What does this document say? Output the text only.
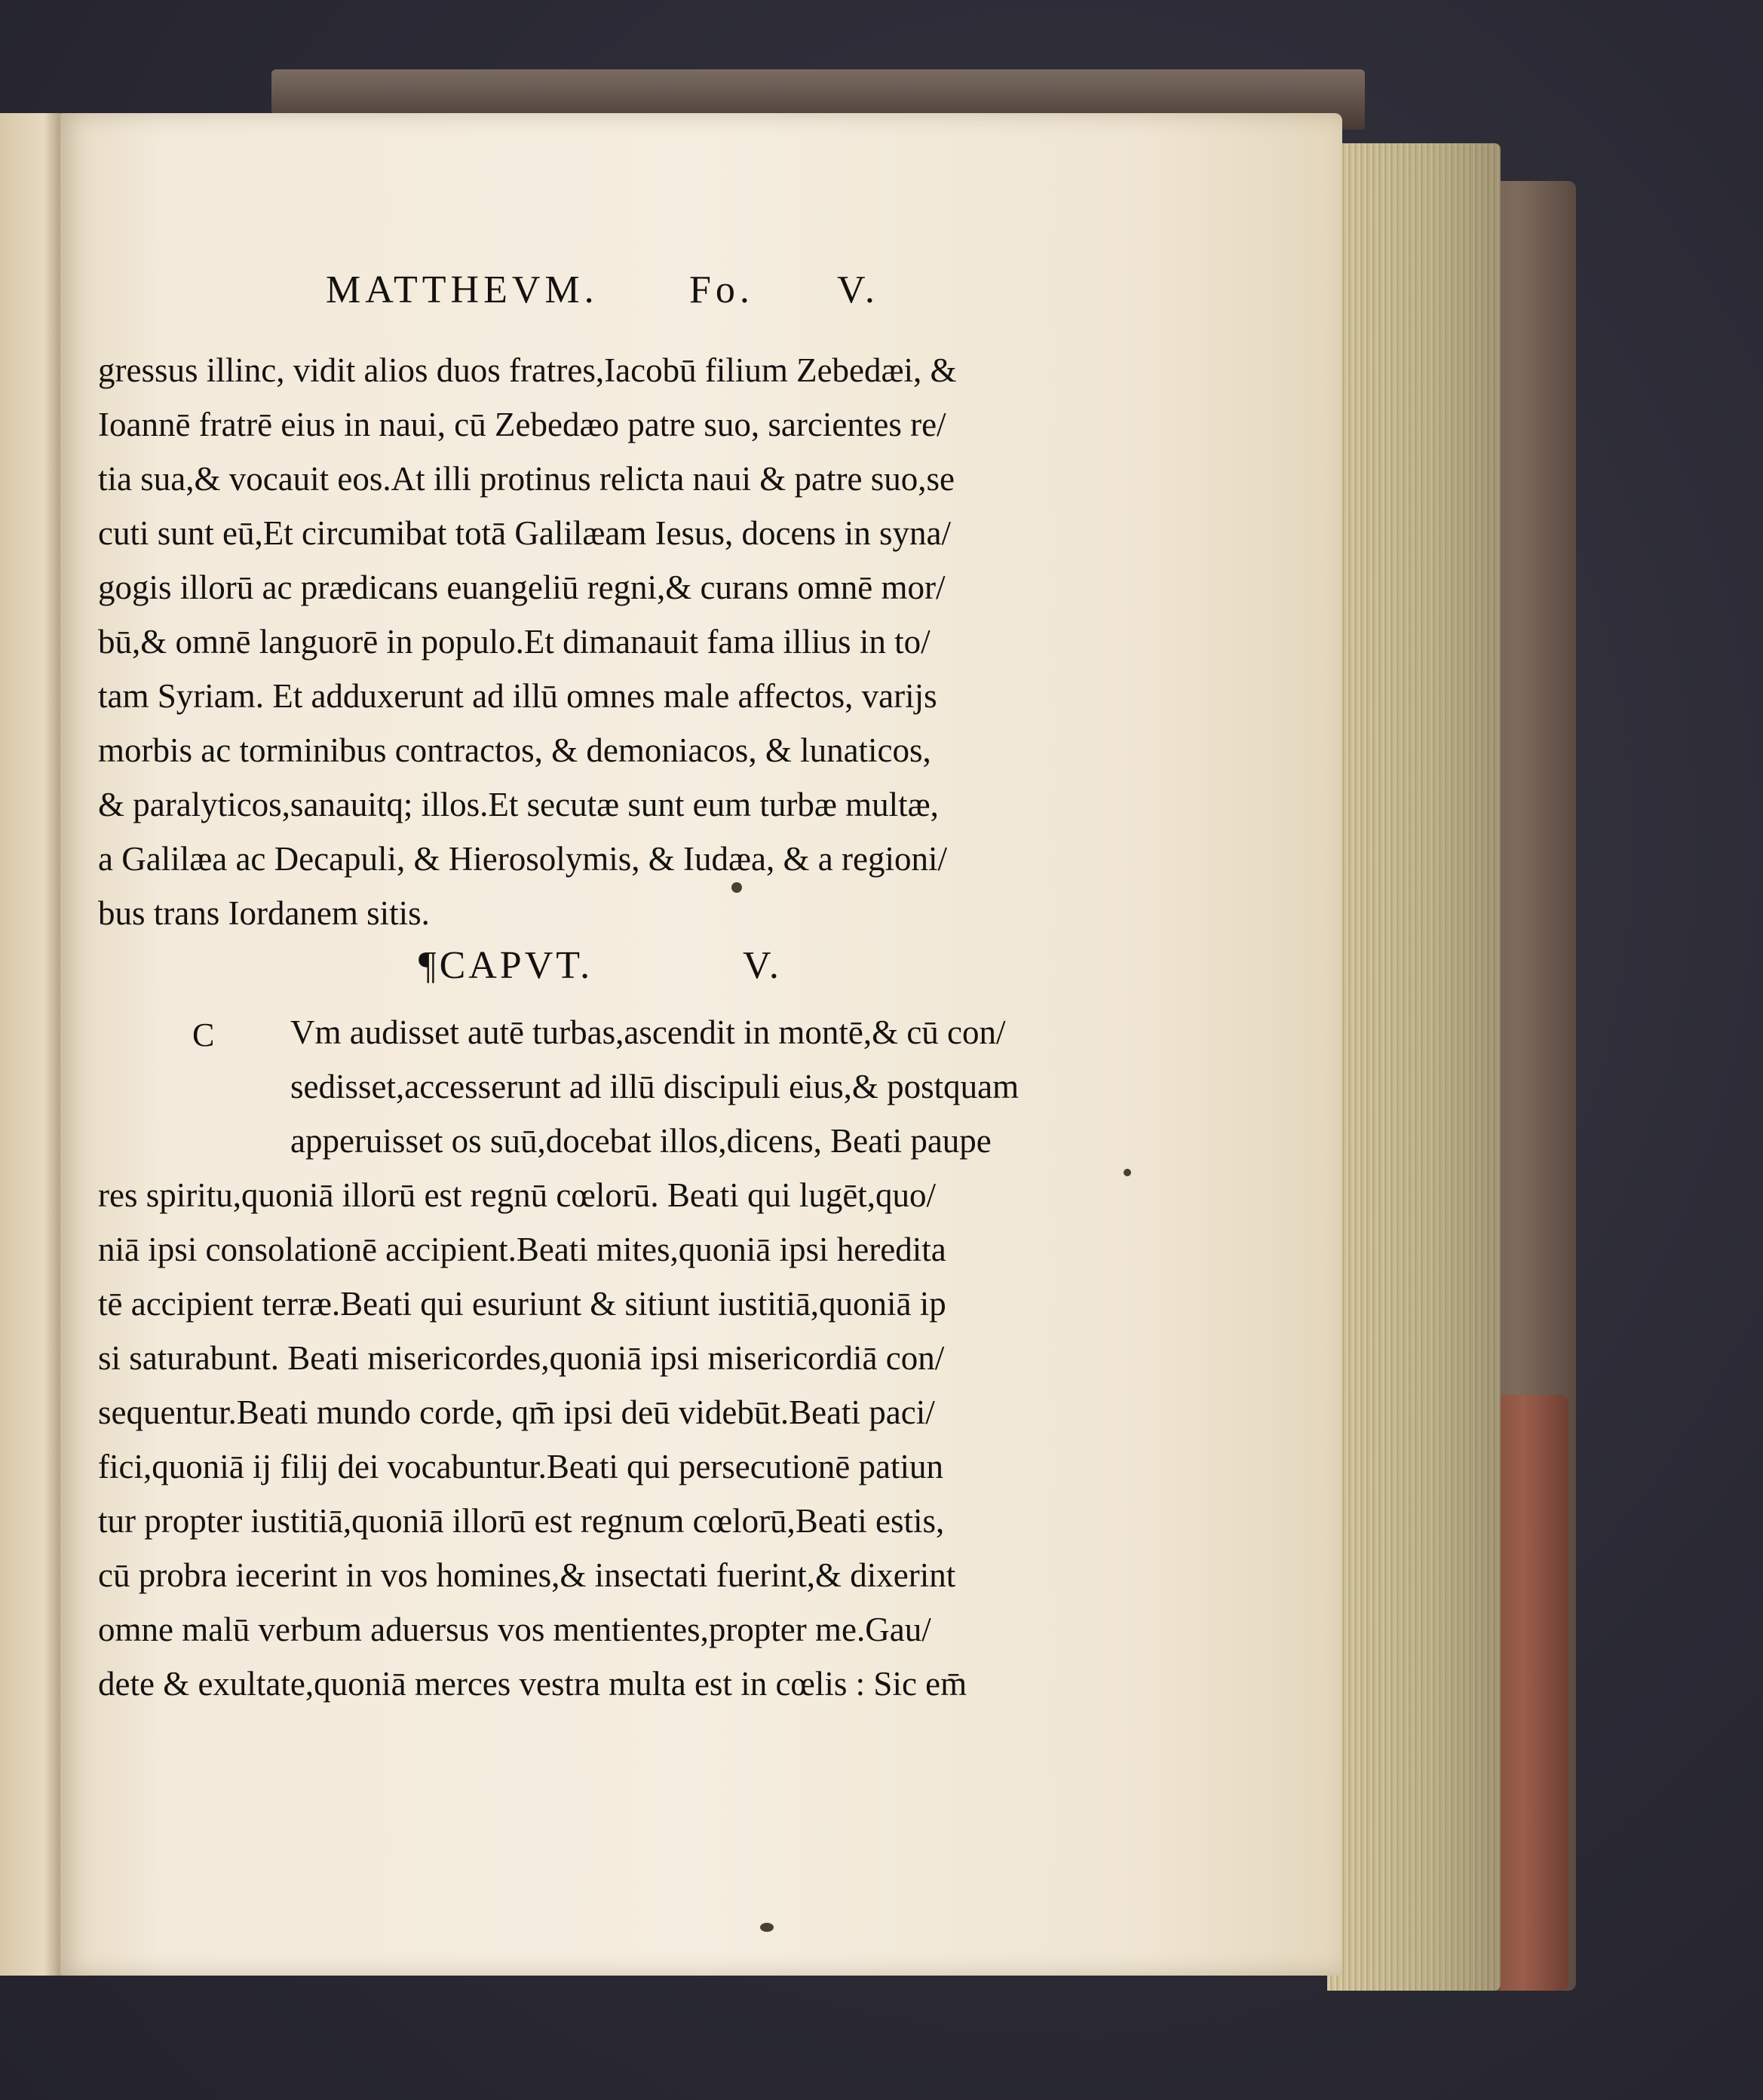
MATTHEVM. Fo. V.
gressus illinc, vidit alios duos fratres,Iacobū filium Zebedæi, &
Ioannē fratrē eius in naui, cū Zebedæo patre suo, sarcientes re/
tia sua,& vocauit eos.At illi protinus relicta naui & patre suo,se
cuti sunt eū,Et circumibat totā Galilæam Iesus, docens in syna/
gogis illorū ac prædicans euangeliū regni,& curans omnē mor/
bū,& omnē languorē in populo.Et dimanauit fama illius in to/
tam Syriam. Et adduxerunt ad illū omnes male affectos, varijs
morbis ac torminibus contractos, & demoniacos, & lunaticos,
& paralyticos,sanauitq; illos.Et secutæ sunt eum turbæ multæ,
a Galilæa ac Decapuli, & Hierosolymis, & Iudæa, & a regioni/
bus trans Iordanem sitis.
¶CAPVT.	V.
C	Vm audisset autē turbas,ascendit in montē,& cū con/
sedisset,accesserunt ad illū discipuli eius,& postquam
apperuisset os suū,docebat illos,dicens, Beati paupe
res spiritu,quoniā illorū est regnū cœlorū. Beati qui lugēt,quo/
niā ipsi consolationē accipient.Beati mites,quoniā ipsi heredita
tē accipient terræ.Beati qui esuriunt & sitiunt iustitiā,quoniā ip
si saturabunt. Beati misericordes,quoniā ipsi misericordiā con/
sequentur.Beati mundo corde, qm̄ ipsi deū videbūt.Beati paci/
fici,quoniā ij filij dei vocabuntur.Beati qui persecutionē patiun
tur propter iustitiā,quoniā illorū est regnum cœlorū,Beati estis,
cū probra iecerint in vos homines,& insectati fuerint,& dixerint
omne malū verbum aduersus vos mentientes,propter me.Gau/
dete & exultate,quoniā merces vestra multa est in cœlis : Sic em̄
